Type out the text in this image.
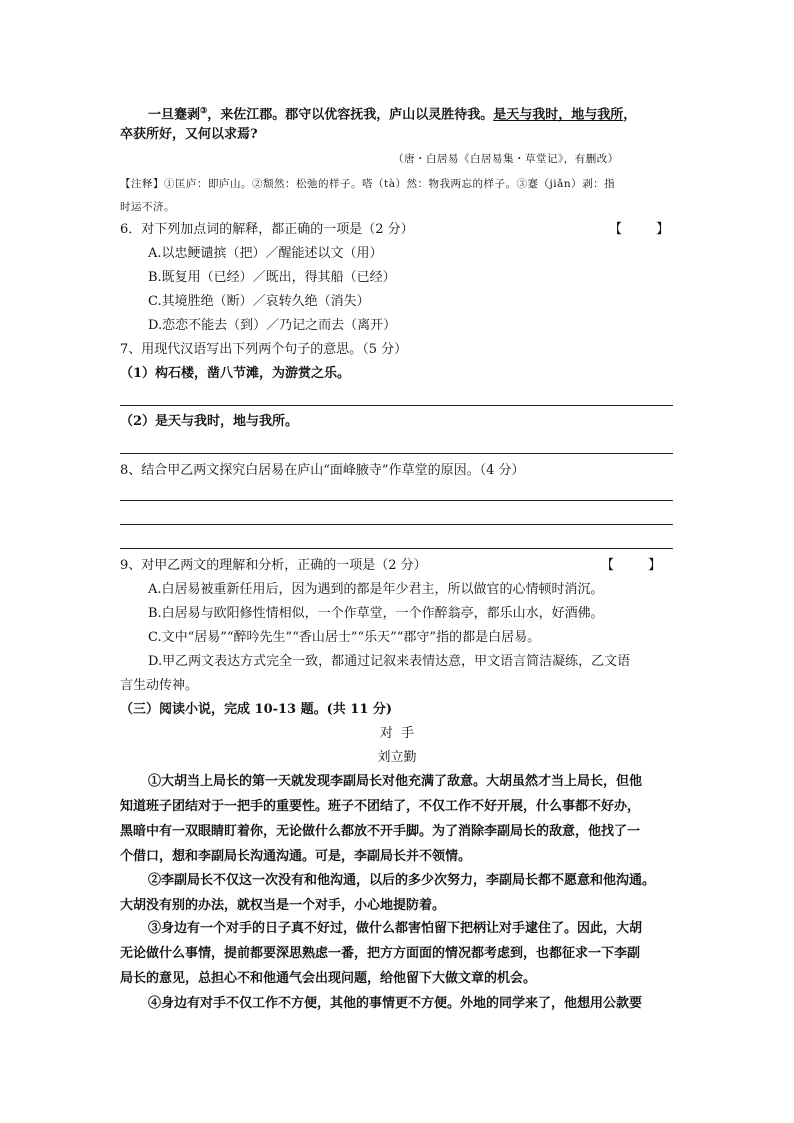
一旦蹇剥③，来佐江郡。郡守以优容抚我，庐山以灵胜待我。是天与我时，地与我所，
卒获所好，又何以求焉?
（唐・白居易《白居易集・草堂记》，有删改）
【注释】①匡庐：即庐山。②颓然：松弛的样子。嗒（tà）然：物我两忘的样子。③蹇（jiǎn）剥：指
时运不济。
6．对下列加点词的解释，都正确的一项是（2 分）	【 】
A.以忠鲠谴摈（把）／醒能述以文（用）
B.既复用（已经）／既出，得其船（已经）
C.其境胜绝（断）／哀转久绝（消失）
D.恋恋不能去（到）／乃记之而去（离开）
7、用现代汉语写出下列两个句子的意思。（5 分）
（1）构石楼，凿八节滩，为游赏之乐。
（2）是天与我时，地与我所。
8、结合甲乙两文探究白居易在庐山“面峰腋寺”作草堂的原因。（4 分）
9、对甲乙两文的理解和分析，正确的一项是（2 分）	【 】
A.白居易被重新任用后，因为遇到的都是年少君主，所以做官的心情顿时消沉。
B.白居易与欧阳修性情相似，一个作草堂，一个作醉翁亭，都乐山水，好酒佛。
C.文中“居易”“醉吟先生”“香山居士”“乐天”“郡守”指的都是白居易。
D.甲乙两文表达方式完全一致，都通过记叙来表情达意，甲文语言简洁凝练，乙文语
言生动传神。
（三）阅读小说，完成 10-13 题。(共 11 分)
对 手
刘立勤
①大胡当上局长的第一天就发现李副局长对他充满了敌意。大胡虽然才当上局长，但他
知道班子团结对于一把手的重要性。班子不团结了，不仅工作不好开展，什么事都不好办，
黑暗中有一双眼睛盯着你，无论做什么都放不开手脚。为了消除李副局长的敌意，他找了一
个借口，想和李副局长沟通沟通。可是，李副局长并不领情。
②李副局长不仅这一次没有和他沟通，以后的多少次努力，李副局长都不愿意和他沟通。
大胡没有别的办法，就权当是一个对手，小心地提防着。
③身边有一个对手的日子真不好过，做什么都害怕留下把柄让对手逮住了。因此，大胡
无论做什么事情，提前都要深思熟虑一番，把方方面面的情况都考虑到，也都征求一下李副
局长的意见，总担心不和他通气会出现问题，给他留下大做文章的机会。
④身边有对手不仅工作不方便，其他的事情更不方便。外地的同学来了，他想用公款要
